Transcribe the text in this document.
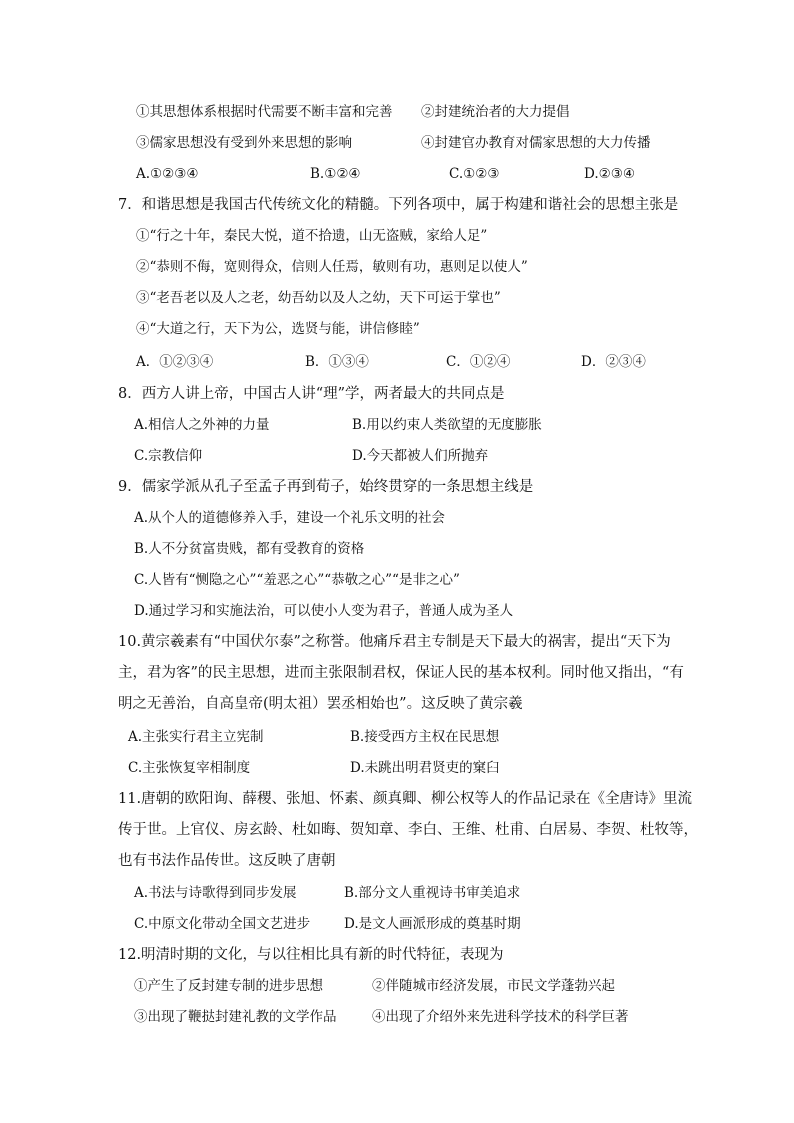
①其思想体系根据时代需要不断丰富和完善 ②封建统治者的大力提倡
③儒家思想没有受到外来思想的影响	④封建官办教育对儒家思想的大力传播
A.①②③④	B.①②④	C.①②③	D.②③④
7．和谐思想是我国古代传统文化的精髓。下列各项中，属于构建和谐社会的思想主张是
①“行之十年，秦民大悦，道不拾遗，山无盗贼，家给人足”
②“恭则不侮，宽则得众，信则人任焉，敏则有功，惠则足以使人”
③“老吾老以及人之老，幼吾幼以及人之幼，天下可运于掌也”
④“大道之行，天下为公，选贤与能，讲信修睦”
A．①②③④	B．①③④	C．①②④	D．②③④
8．西方人讲上帝，中国古人讲“理”学，两者最大的共同点是
A.相信人之外神的力量	B.用以约束人类欲望的无度膨胀
C.宗教信仰	D.今天都被人们所抛弃
9．儒家学派从孔子至孟子再到荀子，始终贯穿的一条思想主线是
A.从个人的道德修养入手，建设一个礼乐文明的社会
B.人不分贫富贵贱，都有受教育的资格
C.人皆有“恻隐之心”“羞恶之心”“恭敬之心”“是非之心”
D.通过学习和实施法治，可以使小人变为君子，普通人成为圣人
10.黄宗羲素有“中国伏尔泰”之称誉。他痛斥君主专制是天下最大的祸害，提出“天下为
主，君为客”的民主思想，进而主张限制君权，保证人民的基本权利。同时他又指出，“有
明之无善治，自高皇帝(明太祖）罢丞相始也”。这反映了黄宗羲
A.主张实行君主立宪制	B.接受西方主权在民思想
C.主张恢复宰相制度	D.未跳出明君贤吏的窠臼
11.唐朝的欧阳询、薛稷、张旭、怀素、颜真卿、柳公权等人的作品记录在《全唐诗》里流
传于世。上官仪、房玄龄、杜如晦、贺知章、李白、王维、杜甫、白居易、李贺、杜牧等，
也有书法作品传世。这反映了唐朝
A.书法与诗歌得到同步发展	B.部分文人重视诗书审美追求
C.中原文化带动全国文艺进步	D.是文人画派形成的奠基时期
12.明清时期的文化，与以往相比具有新的时代特征，表现为
①产生了反封建专制的进步思想	②伴随城市经济发展，市民文学蓬勃兴起
③出现了鞭挞封建礼教的文学作品	④出现了介绍外来先进科学技术的科学巨著
